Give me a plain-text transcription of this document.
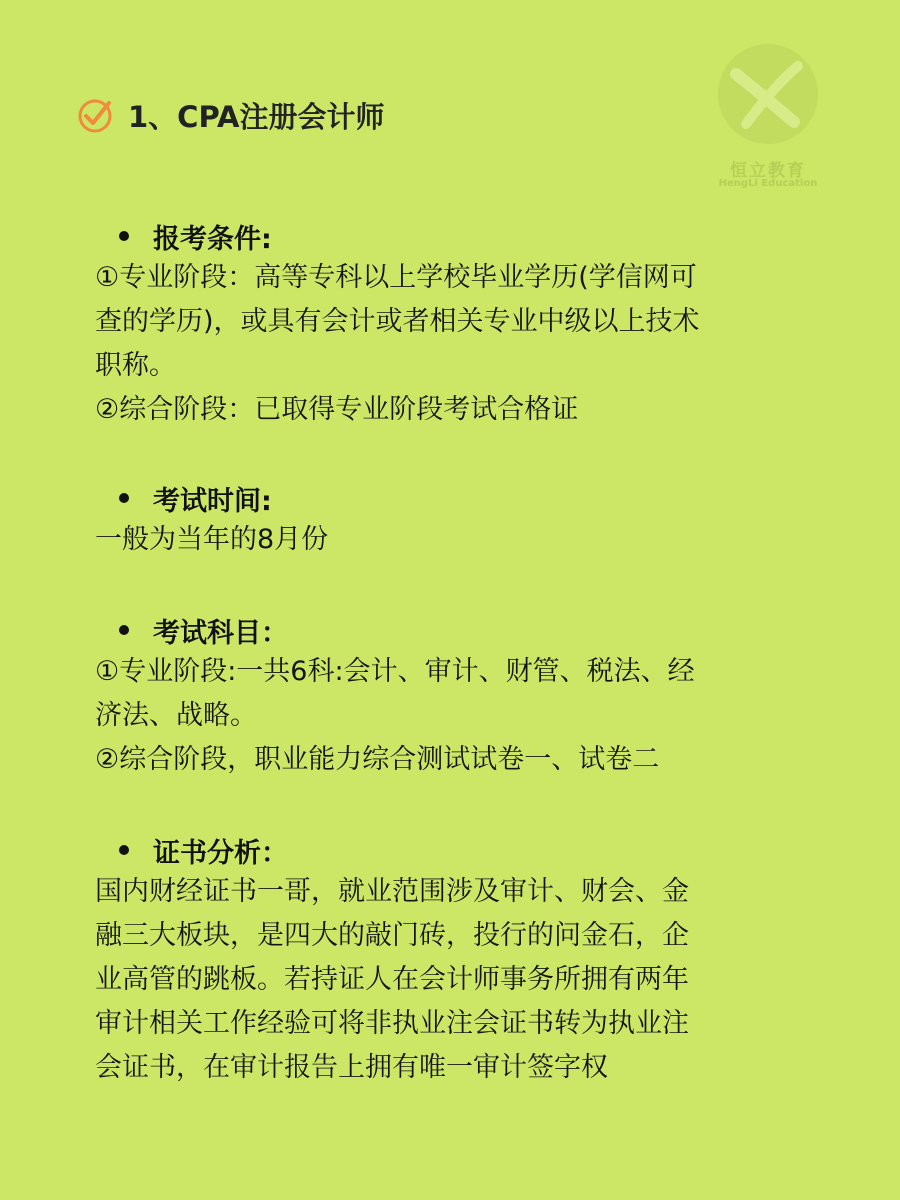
恒立教育
HengLi Education
1、CPA注册会计师
报考条件:
①专业阶段：高等专科以上学校毕业学历(学信网可
查的学历)，或具有会计或者相关专业中级以上技术
职称。
②综合阶段：已取得专业阶段考试合格证
考试时间:
一般为当年的8月份
考试科目：
①专业阶段:一共6科:会计、审计、财管、税法、经
济法、战略。
②综合阶段，职业能力综合测试试卷一、试卷二
证书分析：
国内财经证书一哥，就业范围涉及审计、财会、金
融三大板块，是四大的敲门砖，投行的问金石，企
业高管的跳板。若持证人在会计师事务所拥有两年
审计相关工作经验可将非执业注会证书转为执业注
会证书，在审计报告上拥有唯一审计签字权
